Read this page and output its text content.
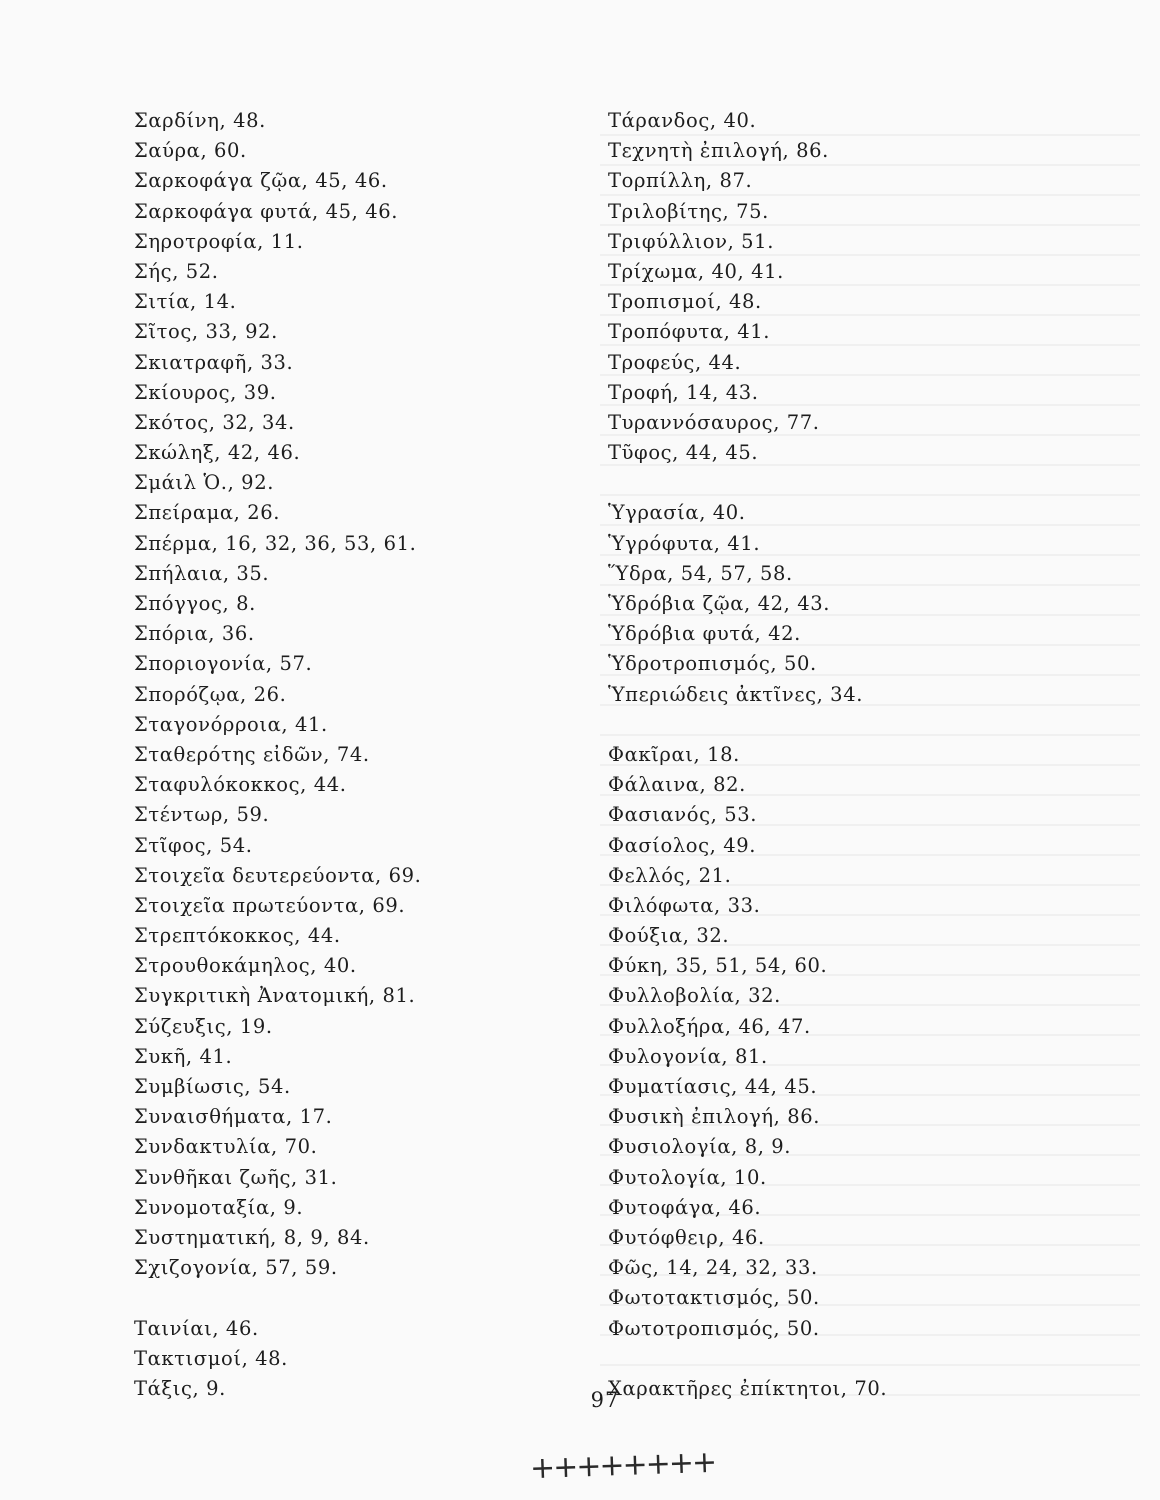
Σαρδίνη, 48.
Σαύρα, 60.
Σαρκοφάγα ζῷα, 45, 46.
Σαρκοφάγα φυτά, 45, 46.
Σηροτροφία, 11.
Σής, 52.
Σιτία, 14.
Σῖτος, 33, 92.
Σκιατραφῆ, 33.
Σκίουρος, 39.
Σκότος, 32, 34.
Σκώληξ, 42, 46.
Σμάιλ Ὁ., 92.
Σπείραμα, 26.
Σπέρμα, 16, 32, 36, 53, 61.
Σπήλαια, 35.
Σπόγγος, 8.
Σπόρια, 36.
Σποριογονία, 57.
Σπορόζῳα, 26.
Σταγονόρροια, 41.
Σταθερότης εἰδῶν, 74.
Σταφυλόκοκκος, 44.
Στέντωρ, 59.
Στῖφος, 54.
Στοιχεῖα δευτερεύοντα, 69.
Στοιχεῖα πρωτεύοντα, 69.
Στρεπτόκοκκος, 44.
Στρουθοκάμηλος, 40.
Συγκριτικὴ Ἀνατομική, 81.
Σύζευξις, 19.
Συκῆ, 41.
Συμβίωσις, 54.
Συναισθήματα, 17.
Συνδακτυλία, 70.
Συνθῆκαι ζωῆς, 31.
Συνομοταξία, 9.
Συστηματική, 8, 9, 84.
Σχιζογονία, 57, 59.
Ταινίαι, 46.
Τακτισμοί, 48.
Τάξις, 9.
Τάρανδος, 40.
Τεχνητὴ ἐπιλογή, 86.
Τορπίλλη, 87.
Τριλοβίτης, 75.
Τριφύλλιον, 51.
Τρίχωμα, 40, 41.
Τροπισμοί, 48.
Τροπόφυτα, 41.
Τροφεύς, 44.
Τροφή, 14, 43.
Τυραννόσαυρος, 77.
Τῦφος, 44, 45.
Ὑγρασία, 40.
Ὑγρόφυτα, 41.
Ὕδρα, 54, 57, 58.
Ὑδρόβια ζῷα, 42, 43.
Ὑδρόβια φυτά, 42.
Ὑδροτροπισμός, 50.
Ὑπεριώδεις ἀκτῖνες, 34.
Φακῖραι, 18.
Φάλαινα, 82.
Φασιανός, 53.
Φασίολος, 49.
Φελλός, 21.
Φιλόφωτα, 33.
Φούξια, 32.
Φύκη, 35, 51, 54, 60.
Φυλλοβολία, 32.
Φυλλοξήρα, 46, 47.
Φυλογονία, 81.
Φυματίασις, 44, 45.
Φυσικὴ ἐπιλογή, 86.
Φυσιολογία, 8, 9.
Φυτολογία, 10.
Φυτοφάγα, 46.
Φυτόφθειρ, 46.
Φῶς, 14, 24, 32, 33.
Φωτοτακτισμός, 50.
Φωτοτροπισμός, 50.
Χαρακτῆρες ἐπίκτητοι, 70.
97
++++++++
